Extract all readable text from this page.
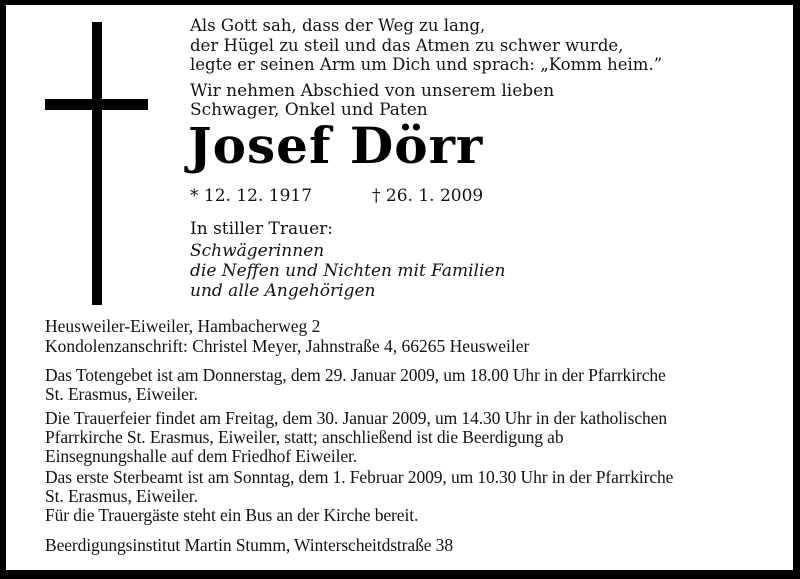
Als Gott sah, dass der Weg zu lang,
der Hügel zu steil und das Atmen zu schwer wurde,
legte er seinen Arm um Dich und sprach: „Komm heim.”
Wir nehmen Abschied von unserem lieben
Schwager, Onkel und Paten
Josef Dörr
* 12. 12. 1917	† 26. 1. 2009
In stiller Trauer:
Schwägerinnen
die Neffen und Nichten mit Familien
und alle Angehörigen
Heusweiler-Eiweiler, Hambacherweg 2
Kondolenzanschrift: Christel Meyer, Jahnstraße 4, 66265 Heusweiler
Das Totengebet ist am Donnerstag, dem 29. Januar 2009, um 18.00 Uhr in der Pfarrkirche
St. Erasmus, Eiweiler.
Die Trauerfeier findet am Freitag, dem 30. Januar 2009, um 14.30 Uhr in der katholischen
Pfarrkirche St. Erasmus, Eiweiler, statt; anschließend ist die Beerdigung ab
Einsegnungshalle auf dem Friedhof Eiweiler.
Das erste Sterbeamt ist am Sonntag, dem 1. Februar 2009, um 10.30 Uhr in der Pfarrkirche
St. Erasmus, Eiweiler.
Für die Trauergäste steht ein Bus an der Kirche bereit.
Beerdigungsinstitut Martin Stumm, Winterscheitdstraße 38
